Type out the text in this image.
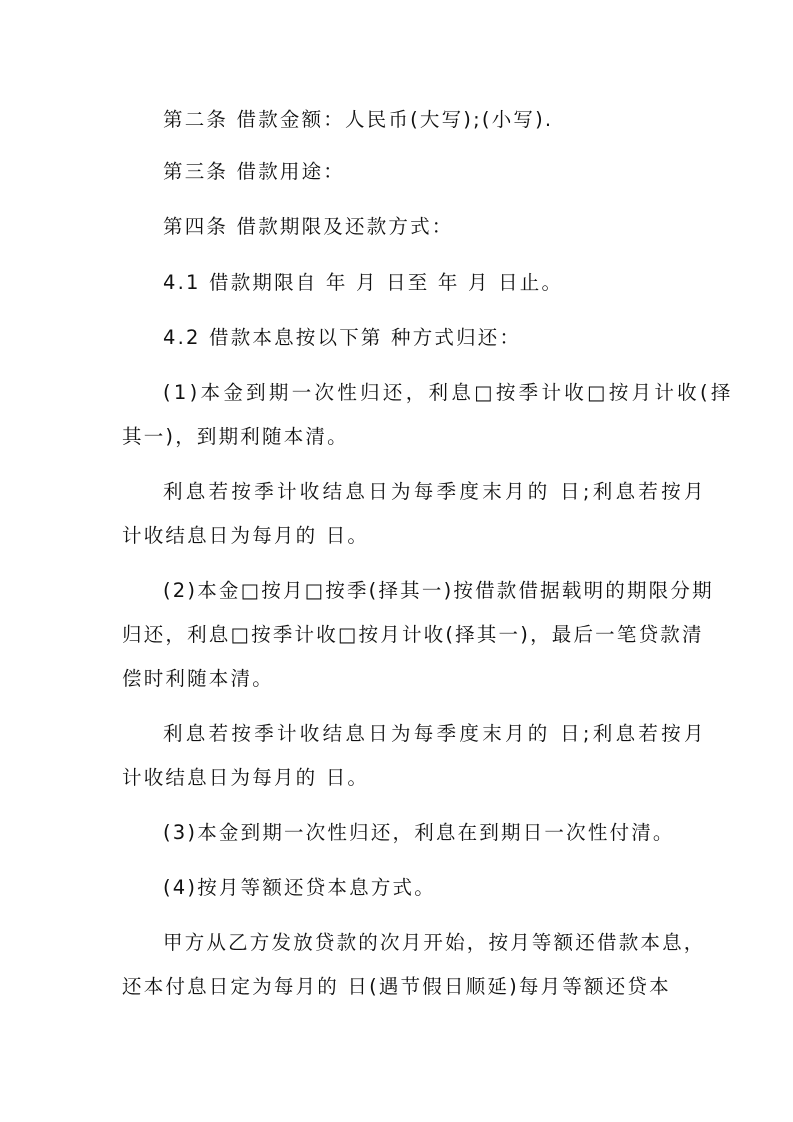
第二条 借款金额：人民币(大写);(小写).
第三条 借款用途：
第四条 借款期限及还款方式：
4.1 借款期限自 年 月 日至 年 月 日止。
4.2 借款本息按以下第 种方式归还：
(1)本金到期一次性归还，利息□按季计收□按月计收(择
其一)，到期利随本清。
利息若按季计收结息日为每季度末月的 日;利息若按月
计收结息日为每月的 日。
(2)本金□按月□按季(择其一)按借款借据载明的期限分期
归还，利息□按季计收□按月计收(择其一)，最后一笔贷款清
偿时利随本清。
利息若按季计收结息日为每季度末月的 日;利息若按月
计收结息日为每月的 日。
(3)本金到期一次性归还，利息在到期日一次性付清。
(4)按月等额还贷本息方式。
甲方从乙方发放贷款的次月开始，按月等额还借款本息，
还本付息日定为每月的 日(遇节假日顺延)每月等额还贷本
